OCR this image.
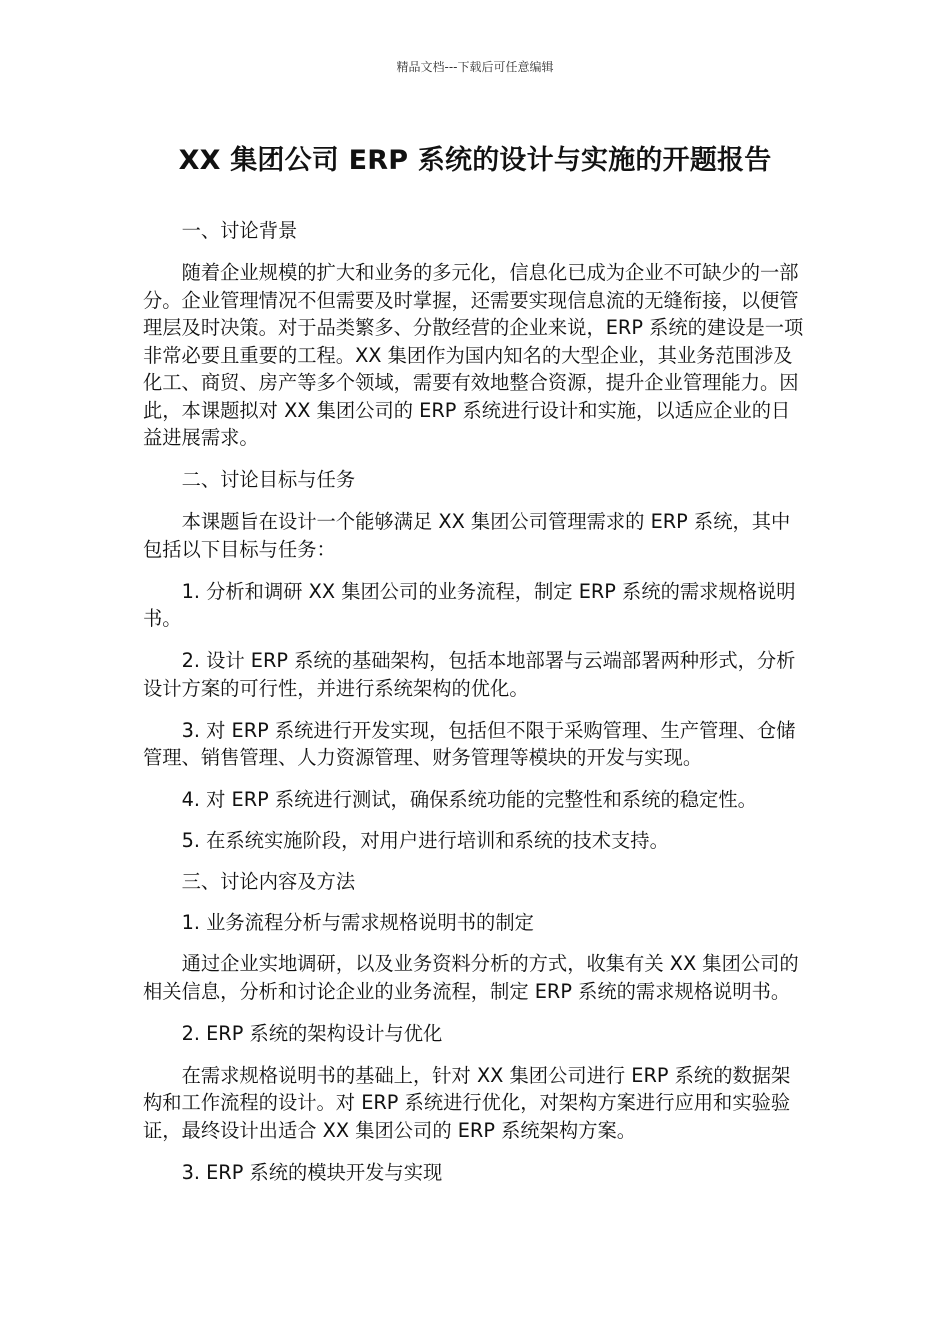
精品文档---下载后可任意编辑
XX 集团公司 ERP 系统的设计与实施的开题报告

一、讨论背景

随着企业规模的扩大和业务的多元化，信息化已成为企业不可缺少的一部分。企业管理情况不但需要及时掌握，还需要实现信息流的无缝衔接，以便管理层及时决策。对于品类繁多、分散经营的企业来说，ERP 系统的建设是一项非常必要且重要的工程。XX 集团作为国内知名的大型企业，其业务范围涉及化工、商贸、房产等多个领域，需要有效地整合资源，提升企业管理能力。因此，本课题拟对 XX 集团公司的 ERP 系统进行设计和实施，以适应企业的日益进展需求。

二、讨论目标与任务

本课题旨在设计一个能够满足 XX 集团公司管理需求的 ERP 系统，其中包括以下目标与任务：

1. 分析和调研 XX 集团公司的业务流程，制定 ERP 系统的需求规格说明书。

2. 设计 ERP 系统的基础架构，包括本地部署与云端部署两种形式，分析设计方案的可行性，并进行系统架构的优化。

3. 对 ERP 系统进行开发实现，包括但不限于采购管理、生产管理、仓储管理、销售管理、人力资源管理、财务管理等模块的开发与实现。

4. 对 ERP 系统进行测试，确保系统功能的完整性和系统的稳定性。

5. 在系统实施阶段，对用户进行培训和系统的技术支持。

三、讨论内容及方法

1. 业务流程分析与需求规格说明书的制定

通过企业实地调研，以及业务资料分析的方式，收集有关 XX 集团公司的相关信息，分析和讨论企业的业务流程，制定 ERP 系统的需求规格说明书。

2. ERP 系统的架构设计与优化

在需求规格说明书的基础上，针对 XX 集团公司进行 ERP 系统的数据架构和工作流程的设计。对 ERP 系统进行优化，对架构方案进行应用和实验验证，最终设计出适合 XX 集团公司的 ERP 系统架构方案。

3. ERP 系统的模块开发与实现
